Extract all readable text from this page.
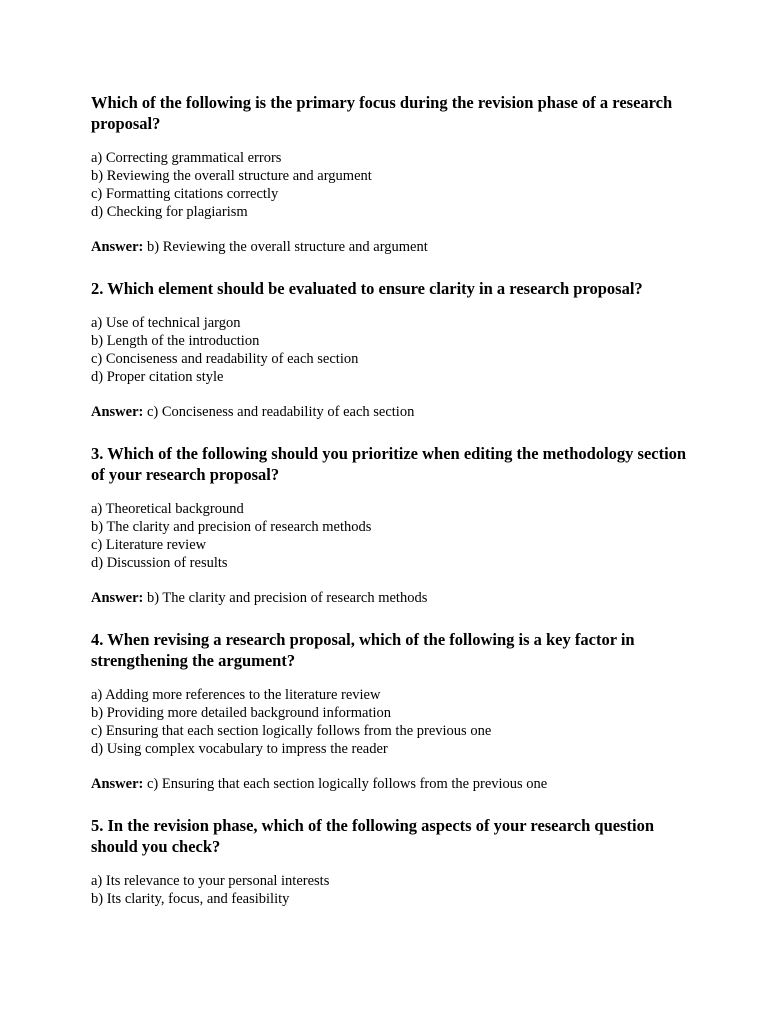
Which of the following is the primary focus during the revision phase of a research proposal?
a) Correcting grammatical errors
b) Reviewing the overall structure and argument
c) Formatting citations correctly
d) Checking for plagiarism
Answer: b) Reviewing the overall structure and argument
2. Which element should be evaluated to ensure clarity in a research proposal?
a) Use of technical jargon
b) Length of the introduction
c) Conciseness and readability of each section
d) Proper citation style
Answer: c) Conciseness and readability of each section
3. Which of the following should you prioritize when editing the methodology section of your research proposal?
a) Theoretical background
b) The clarity and precision of research methods
c) Literature review
d) Discussion of results
Answer: b) The clarity and precision of research methods
4. When revising a research proposal, which of the following is a key factor in strengthening the argument?
a) Adding more references to the literature review
b) Providing more detailed background information
c) Ensuring that each section logically follows from the previous one
d) Using complex vocabulary to impress the reader
Answer: c) Ensuring that each section logically follows from the previous one
5. In the revision phase, which of the following aspects of your research question should you check?
a) Its relevance to your personal interests
b) Its clarity, focus, and feasibility
